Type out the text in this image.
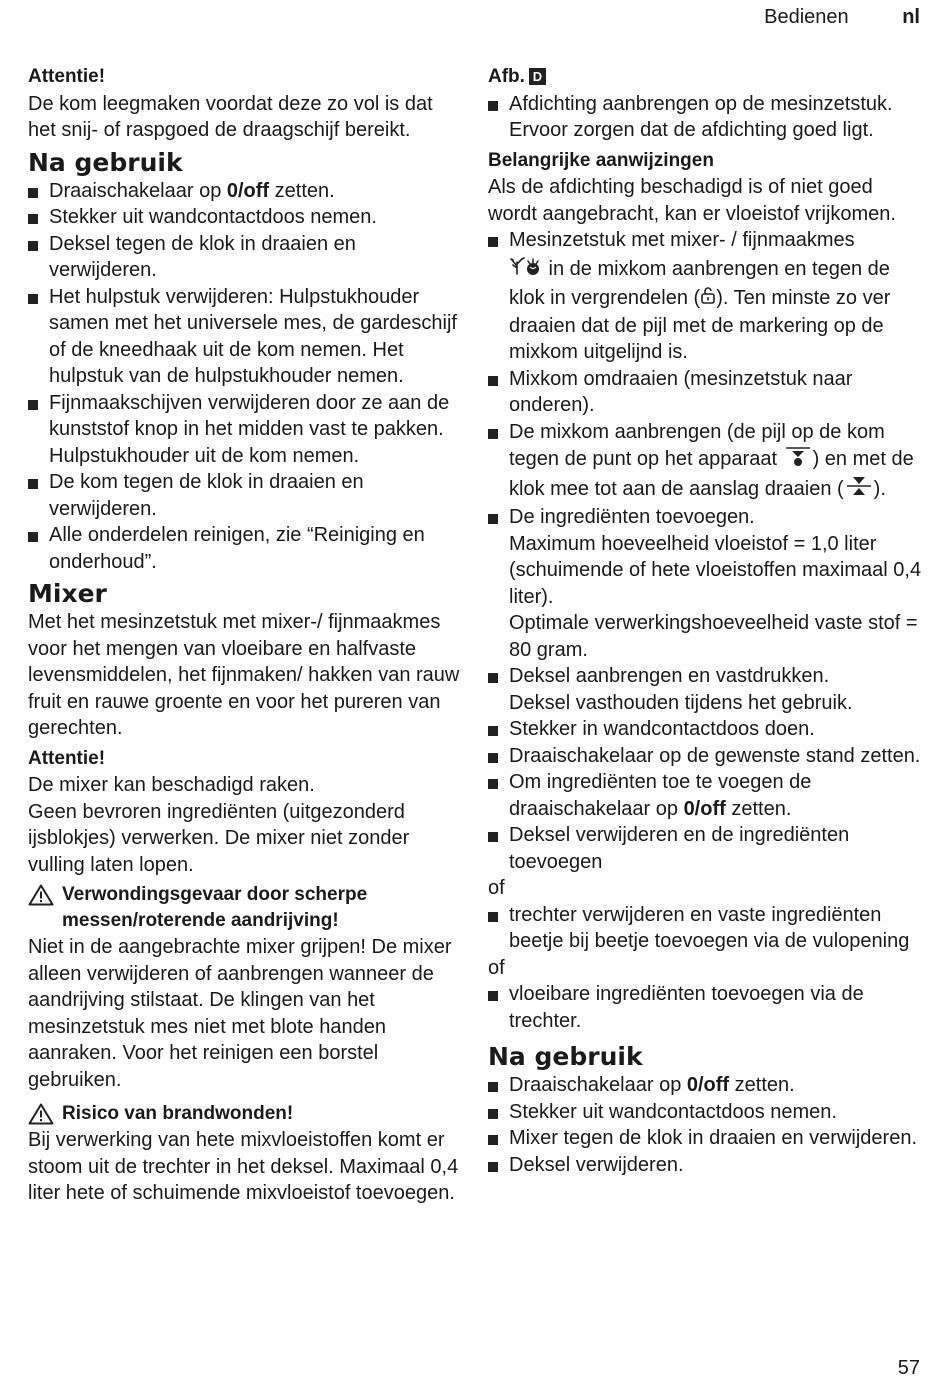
Bedienen	nl

Attentie!

De kom leegmaken voordat deze zo vol is dat het snij- of raspgoed de draagschijf bereikt.

Na gebruik
Draaischakelaar op 0/off zetten.
Stekker uit wandcontactdoos nemen.
Deksel tegen de klok in draaien en verwijderen.
Het hulpstuk verwijderen: Hulpstukhouder samen met het universele mes, de gardeschijf of de kneedhaak uit de kom nemen. Het hulpstuk van de hulpstukhouder nemen.
Fijnmaakschijven verwijderen door ze aan de kunststof knop in het midden vast te pakken. Hulpstukhouder uit de kom nemen.
De kom tegen de klok in draaien en verwijderen.
Alle onderdelen reinigen, zie “Reiniging en onderhoud”.
Mixer

Met het mesinzetstuk met mixer-/ fijnmaakmes voor het mengen van vloeibare en halfvaste levensmiddelen, het fijnmaken/ hakken van rauw fruit en rauwe groente en voor het pureren van gerechten.

Attentie!

De mixer kan beschadigd raken.

Geen bevroren ingrediënten (uitgezonderd ijsblokjes) verwerken. De mixer niet zonder vulling laten lopen.

Verwondingsgevaar door scherpe messen/roterende aandrijving!

Niet in de aangebrachte mixer grijpen! De mixer alleen verwijderen of aanbrengen wanneer de aandrijving stilstaat. De klingen van het mesinzetstuk mes niet met blote handen aanraken. Voor het reinigen een borstel gebruiken.

Risico van brandwonden!

Bij verwerking van hete mixvloeistoffen komt er stoom uit de trechter in het deksel. Maximaal 0,4 liter hete of schuimende mixvloeistof toevoegen.

Afb. D

Afdichting aanbrengen op de mesinzetstuk. Ervoor zorgen dat de afdichting goed ligt.

Belangrijke aanwijzingen

Als de afdichting beschadigd is of niet goed wordt aangebracht, kan er vloeistof vrijkomen.

Mesinzetstuk met mixer- / fijnmaakmes
in de mixkom aanbrengen en tegen de klok in vergrendelen ( ). Ten minste zo ver draaien dat de pijl met de markering op de mixkom uitgelijnd is.
Mixkom omdraaien (mesinzetstuk naar onderen).
De mixkom aanbrengen (de pijl op de kom tegen de punt op het apparaat ) en met de klok mee tot aan de aanslag draaien ( ).
De ingrediënten toevoegen.
Maximum hoeveelheid vloeistof = 1,0 liter (schuimende of hete vloeistoffen maximaal 0,4 liter).
Optimale verwerkingshoeveelheid vaste stof = 80 gram.
Deksel aanbrengen en vastdrukken.
Deksel vasthouden tijdens het gebruik.
Stekker in wandcontactdoos doen.
Draaischakelaar op de gewenste stand zetten.
Om ingrediënten toe te voegen de draaischakelaar op 0/off zetten.
Deksel verwijderen en de ingrediënten toevoegen

of

trechter verwijderen en vaste ingrediënten beetje bij beetje toevoegen via de vulopening

of

vloeibare ingrediënten toevoegen via de trechter.
Na gebruik
Draaischakelaar op 0/off zetten.
Stekker uit wandcontactdoos nemen.
Mixer tegen de klok in draaien en verwijderen.
Deksel verwijderen.
57
